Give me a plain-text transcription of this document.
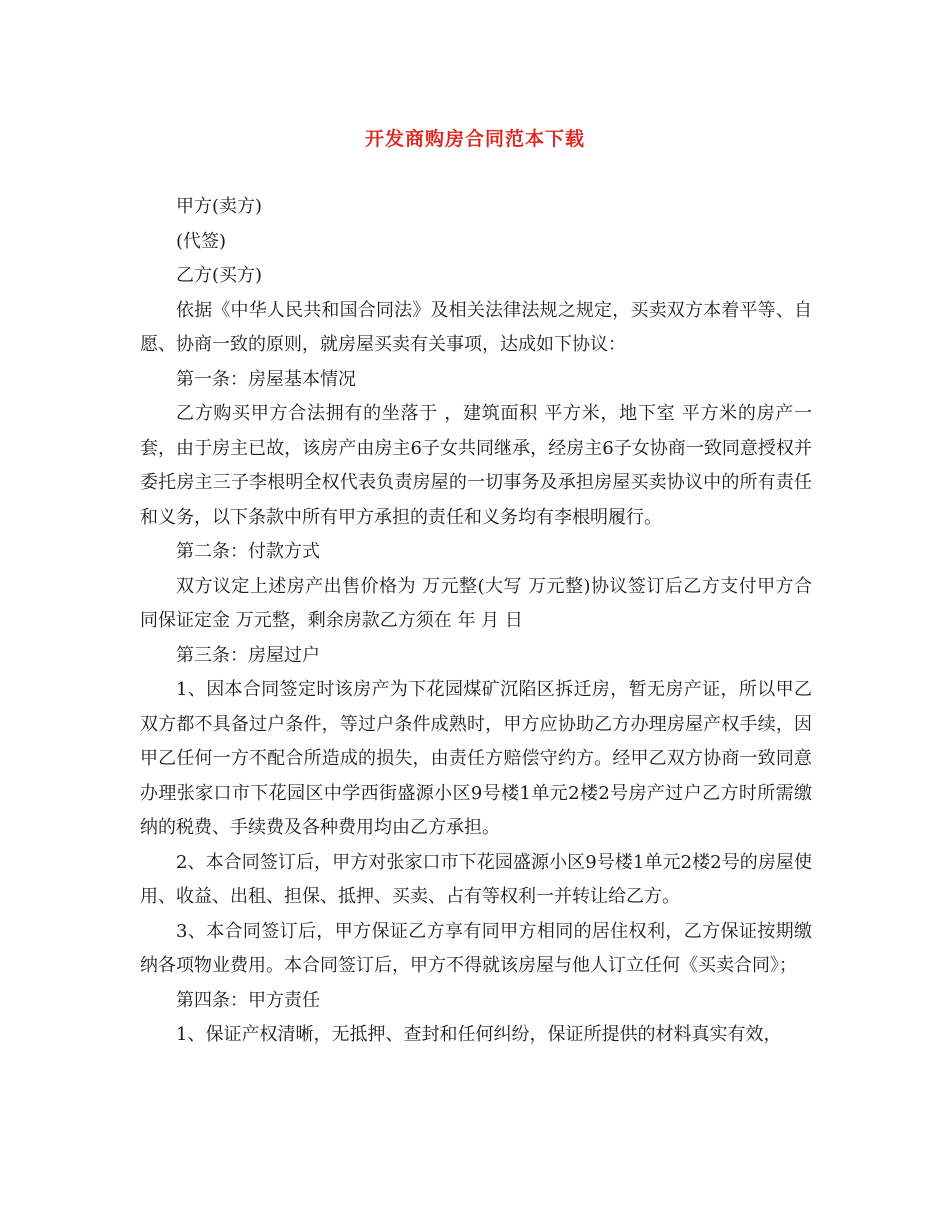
开发商购房合同范本下载

甲方(卖方)

(代签)

乙方(买方)

依据《中华人民共和国合同法》及相关法律法规之规定，买卖双方本着平等、自愿、协商一致的原则，就房屋买卖有关事项，达成如下协议：

第一条：房屋基本情况

乙方购买甲方合法拥有的坐落于 ，建筑面积 平方米，地下室 平方米的房产一套，由于房主已故，该房产由房主6子女共同继承，经房主6子女协商一致同意授权并委托房主三子李根明全权代表负责房屋的一切事务及承担房屋买卖协议中的所有责任和义务，以下条款中所有甲方承担的责任和义务均有李根明履行。

第二条：付款方式

双方议定上述房产出售价格为 万元整(大写 万元整)协议签订后乙方支付甲方合同保证定金 万元整，剩余房款乙方须在 年 月 日

第三条：房屋过户

1、因本合同签定时该房产为下花园煤矿沉陷区拆迁房，暂无房产证，所以甲乙双方都不具备过户条件，等过户条件成熟时，甲方应协助乙方办理房屋产权手续，因甲乙任何一方不配合所造成的损失，由责任方赔偿守约方。经甲乙双方协商一致同意办理张家口市下花园区中学西街盛源小区9号楼1单元2楼2号房产过户乙方时所需缴纳的税费、手续费及各种费用均由乙方承担。

2、本合同签订后，甲方对张家口市下花园盛源小区9号楼1单元2楼2号的房屋使用、收益、出租、担保、抵押、买卖、占有等权利一并转让给乙方。

3、本合同签订后，甲方保证乙方享有同甲方相同的居住权利，乙方保证按期缴纳各项物业费用。本合同签订后，甲方不得就该房屋与他人订立任何《买卖合同》；

第四条：甲方责任

1、保证产权清晰，无抵押、查封和任何纠纷，保证所提供的材料真实有效，
